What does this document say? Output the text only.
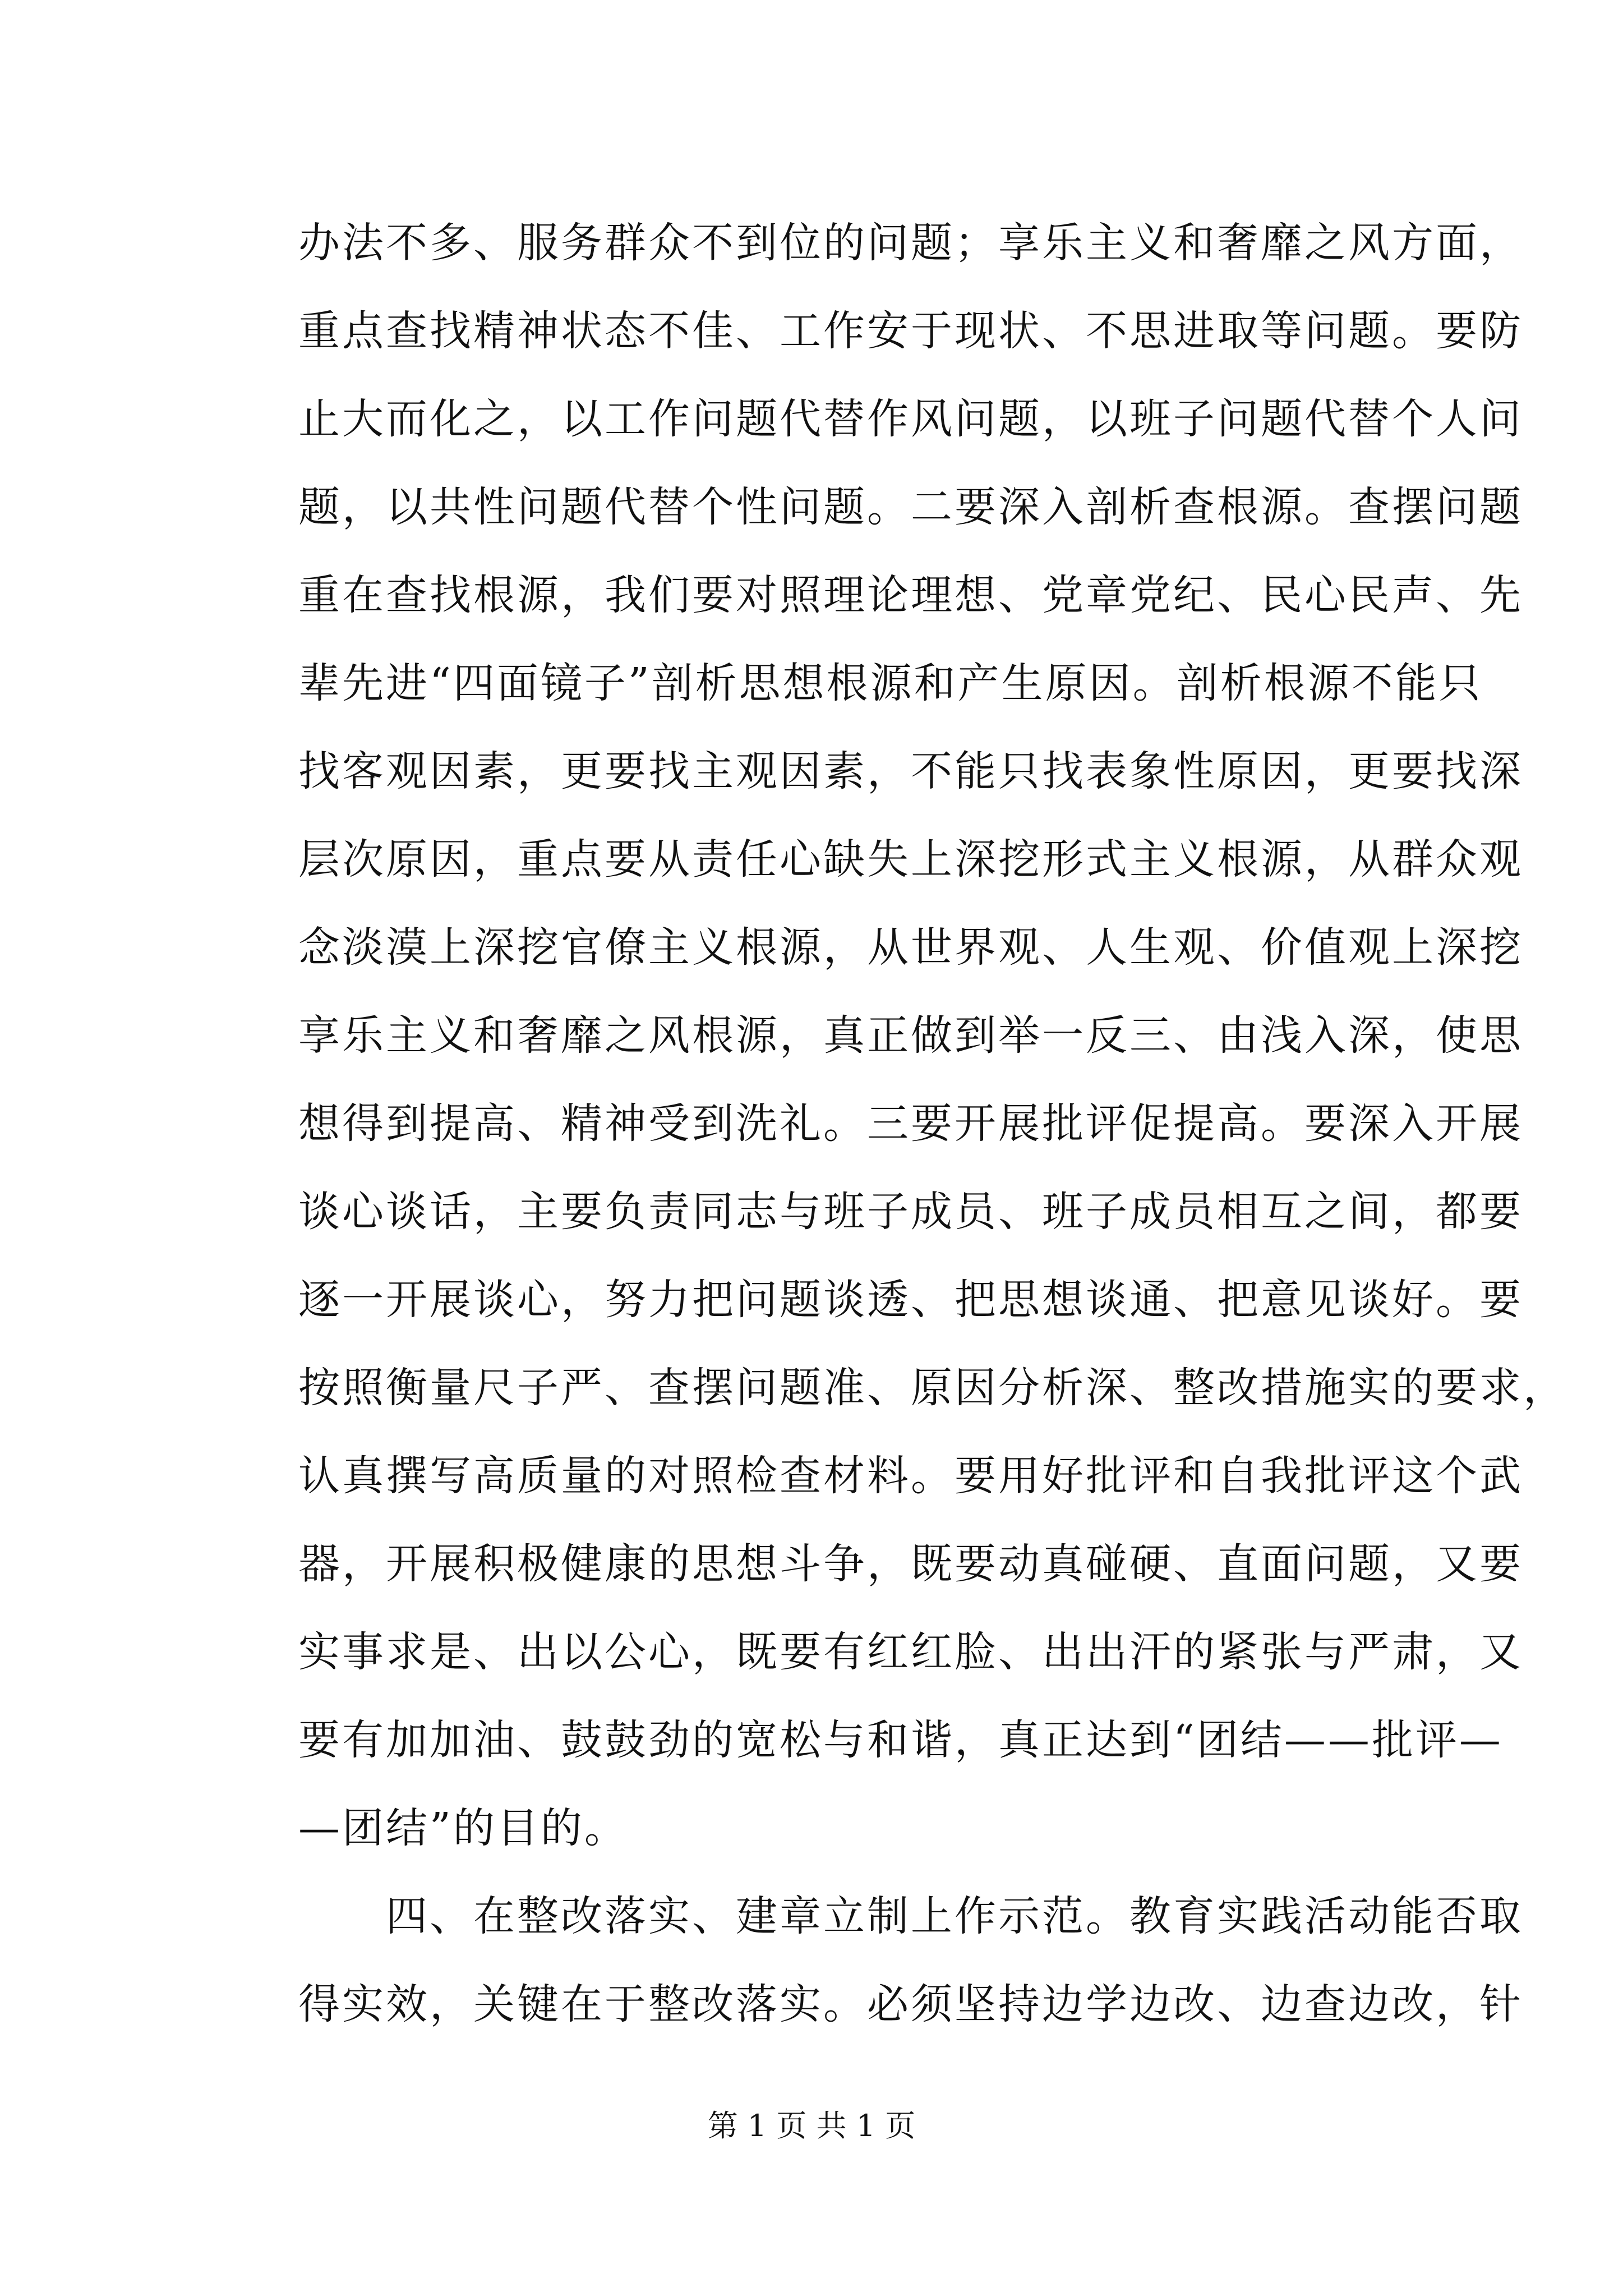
办法不多、服务群众不到位的问题；享乐主义和奢靡之风方面，
重点查找精神状态不佳、工作安于现状、不思进取等问题。要防
止大而化之，以工作问题代替作风问题，以班子问题代替个人问
题，以共性问题代替个性问题。二要深入剖析查根源。查摆问题
重在查找根源，我们要对照理论理想、党章党纪、民心民声、先
辈先进“四面镜子”剖析思想根源和产生原因。剖析根源不能只
找客观因素，更要找主观因素，不能只找表象性原因，更要找深
层次原因，重点要从责任心缺失上深挖形式主义根源，从群众观
念淡漠上深挖官僚主义根源，从世界观、人生观、价值观上深挖
享乐主义和奢靡之风根源，真正做到举一反三、由浅入深，使思
想得到提高、精神受到洗礼。三要开展批评促提高。要深入开展
谈心谈话，主要负责同志与班子成员、班子成员相互之间，都要
逐一开展谈心，努力把问题谈透、把思想谈通、把意见谈好。要
按照衡量尺子严、查摆问题准、原因分析深、整改措施实的要求，
认真撰写高质量的对照检查材料。要用好批评和自我批评这个武
器，开展积极健康的思想斗争，既要动真碰硬、直面问题，又要
实事求是、出以公心，既要有红红脸、出出汗的紧张与严肃，又
要有加加油、鼓鼓劲的宽松与和谐，真正达到“团结——批评—
—团结”的目的。
　　四、在整改落实、建章立制上作示范。教育实践活动能否取
得实效，关键在于整改落实。必须坚持边学边改、边查边改，针
第 1 页 共 1 页
